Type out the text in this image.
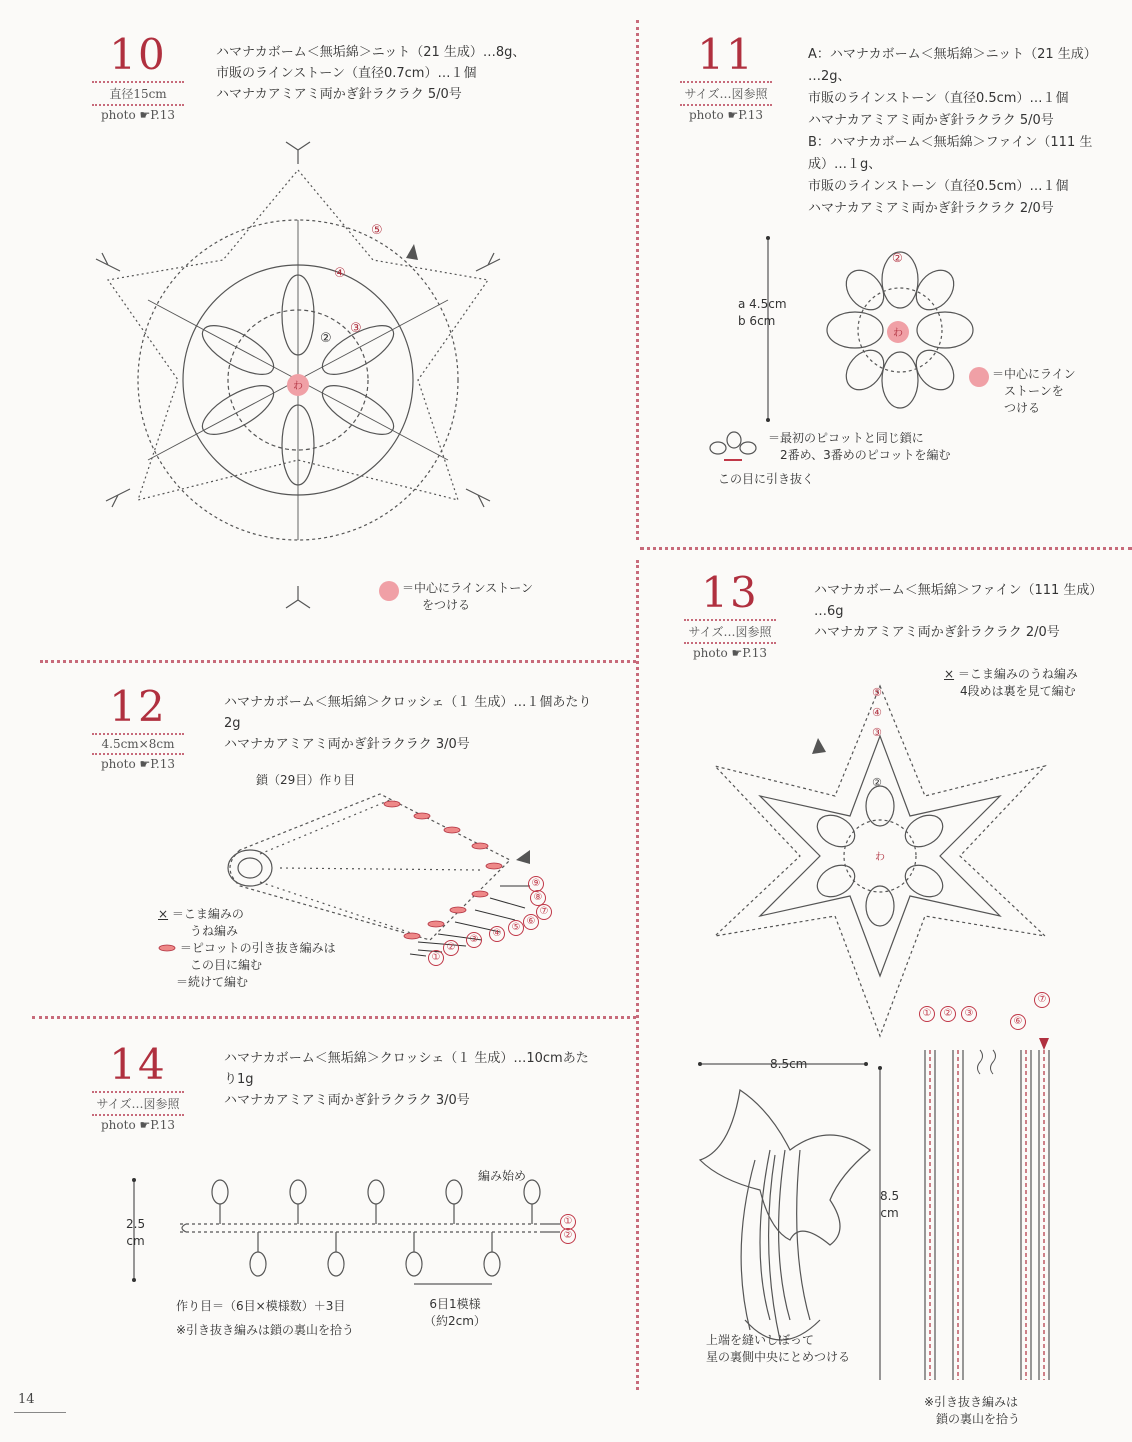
10
直径15cm
photo ☛P.13
ハマナカボーム＜無垢綿＞ニット（21 生成）…8g、
市販のラインストーン（直径0.7cm）…１個
ハマナカアミアミ両かぎ針ラクラク 5/0号
わ
②
③
④
⑤
＝中心にラインストーン
をつける
11
サイズ…図参照
photo ☛P.13
A：ハマナカボーム＜無垢綿＞ニット（21 生成）
…2g、
市販のラインストーン（直径0.5cm）…１個
ハマナカアミアミ両かぎ針ラクラク 5/0号
B：ハマナカボーム＜無垢綿＞ファイン（111 生
成）…１g、
市販のラインストーン（直径0.5cm）…１個
ハマナカアミアミ両かぎ針ラクラク 2/0号
わ
②
a 4.5cm
b 6cm
＝中心にライン
ストーンを
つける
＝最初のピコットと同じ鎖に
2番め、3番めのピコットを編む
この目に引き抜く
12
4.5cm×8cm
photo ☛P.13
ハマナカボーム＜無垢綿＞クロッシェ（１ 生成）…１個あたり
2g
ハマナカアミアミ両かぎ針ラクラク 3/0号
鎖（29目）作り目
①
②
③
④
⑤
⑥
⑦
⑧
⑨
× ＝こま編みの
うね編み
＝ピコットの引き抜き編みは
この目に編む
＝続けて編む
13
サイズ…図参照
photo ☛P.13
ハマナカボーム＜無垢綿＞ファイン（111 生成）
…6g
ハマナカアミアミ両かぎ針ラクラク 2/0号
× ＝こま編みのうね編み
4段めは裏を見て編む
わ
⑤
④
③
②
8.5cm
8.5
cm
上端を縫いしぼって
星の裏側中央にとめつける
①	②	③
⑥
⑦
※引き抜き編みは
鎖の裏山を拾う
14
サイズ…図参照
photo ☛P.13
ハマナカボーム＜無垢綿＞クロッシェ（１ 生成）…10cmあた
り1g
ハマナカアミアミ両かぎ針ラクラク 3/0号
2.5
cm
編み始め
①
②
6目1模様
（約2cm）
作り目＝（6目×模様数）＋3目
※引き抜き編みは鎖の裏山を拾う
14
